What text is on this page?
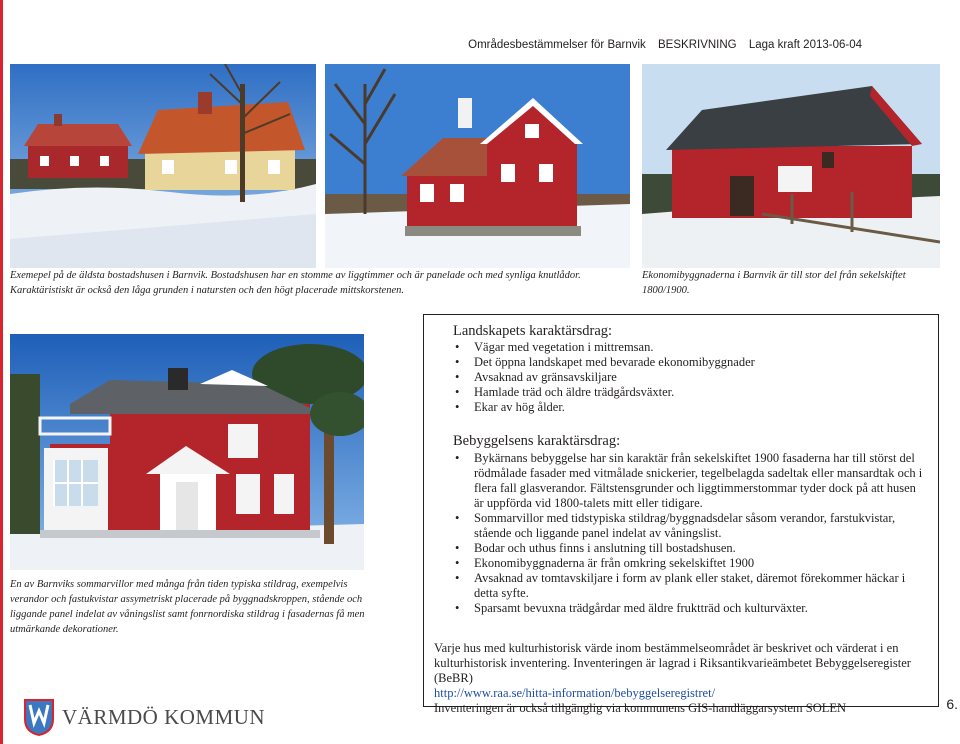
Områdesbestämmelser för Barnvik BESKRIVNING Laga kraft 2013-06-04
Exemepel på de äldsta bostadshusen i Barnvik. Bostadshusen har en stomme av liggtimmer och är panelade och med synliga knutlådor. Karaktäristiskt är också den låga grunden i natursten och den högt placerade mittskorstenen.
Ekonomibyggnaderna i Barnvik är till stor del från sekelskiftet 1800/1900.
En av Barnviks sommarvillor med många från tiden typiska stildrag, exempelvis verandor och fastukvistar assymetriskt placerade på byggnadskroppen, stående och liggande panel indelat av våningslist samt fonrnordiska stildrag i fasadernas få men utmärkande dekorationer.
Landskapets karaktärsdrag:
• Vägar med vegetation i mittremsan.
• Det öppna landskapet med bevarade ekonomibyggnader
• Avsaknad av gränsavskiljare
• Hamlade träd och äldre trädgårdsväxter.
• Ekar av hög ålder.
Bebyggelsens karaktärsdrag:
• Bykärnans bebyggelse har sin karaktär från sekelskiftet 1900 fasaderna har till störst del rödmålade fasader med vitmålade snickerier, tegelbelagda sadeltak eller mansardtak och i flera fall glasverandor. Fältstensgrunder och liggtimmerstommar tyder dock på att husen är uppförda vid 1800-talets mitt eller tidigare.
• Sommarvillor med tidstypiska stildrag/byggnadsdelar såsom verandor, farstukvistar, stående och liggande panel indelat av våningslist.
• Bodar och uthus finns i anslutning till bostadshusen.
• Ekonomibyggnaderna är från omkring sekelskiftet 1900
• Avsaknad av tomtavskiljare i form av plank eller staket, däremot förekommer häckar i detta syfte.
• Sparsamt bevuxna trädgårdar med äldre fruktträd och kulturväxter.

Varje hus med kulturhistorisk värde inom bestämmelseområdet är beskrivet och värderat i en kulturhistorisk inventering. Inventeringen är lagrad i Riksantikvarieämbetet Bebyggelseregister (BeBR)
http://www.raa.se/hitta-information/bebyggelseregistret/
Inventeringen är också tillgänglig via kommunens GIS-handläggarsystem SOLEN

VÄRMDÖ KOMMUN
6.
